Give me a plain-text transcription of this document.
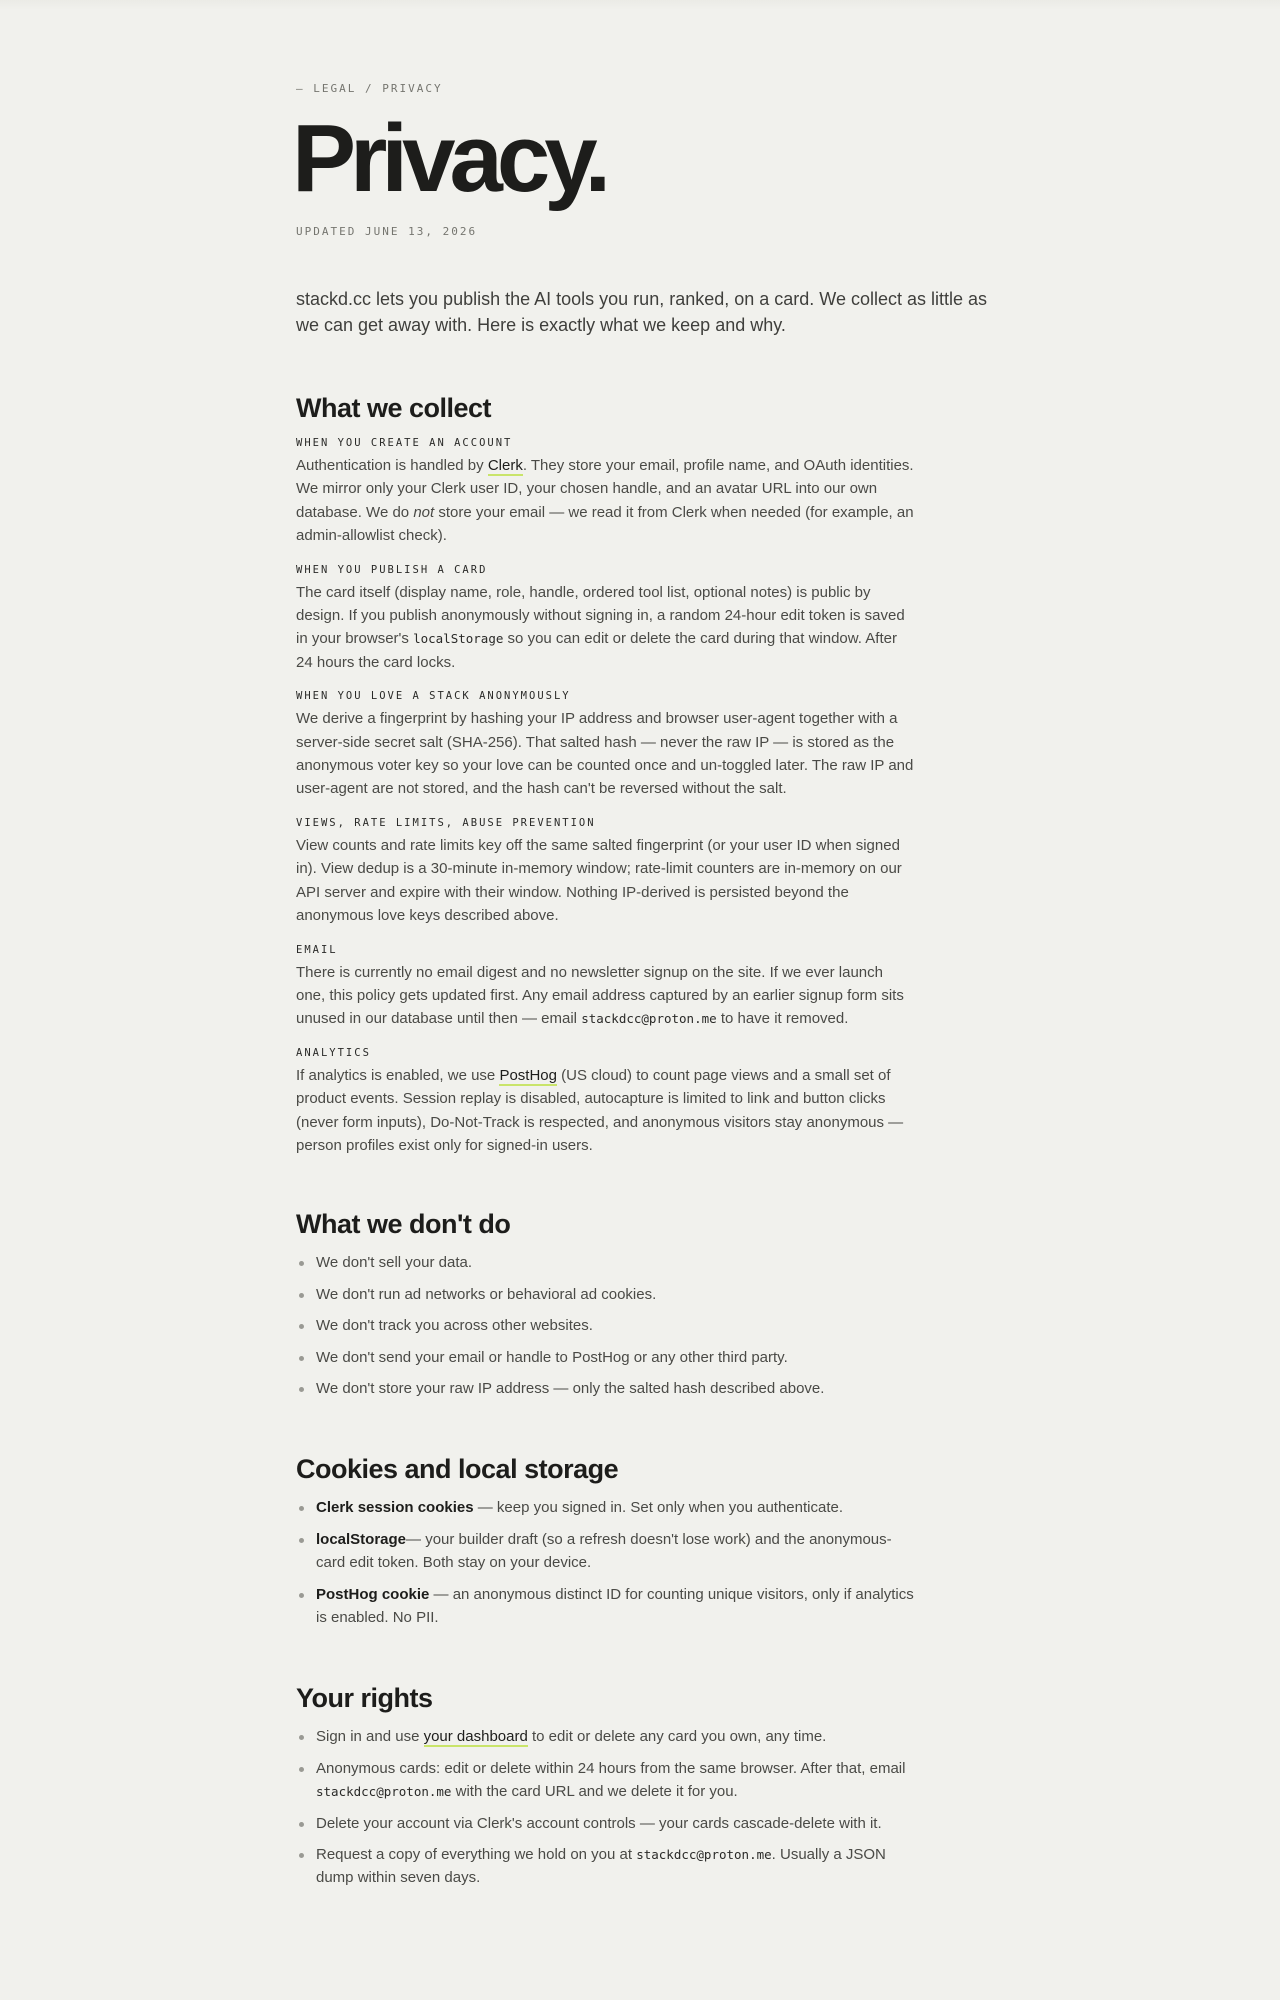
— LEGAL / PRIVACY
Privacy.
UPDATED JUNE 13, 2026

stackd.cc lets you publish the AI tools you run, ranked, on a card. We collect as little as we can get away with. Here is exactly what we keep and why.

What we collect
WHEN YOU CREATE AN ACCOUNT

Authentication is handled by Clerk. They store your email, profile name, and OAuth identities. We mirror only your Clerk user ID, your chosen handle, and an avatar URL into our own database. We do not store your email — we read it from Clerk when needed (for example, an admin-allowlist check).

WHEN YOU PUBLISH A CARD

The card itself (display name, role, handle, ordered tool list, optional notes) is public by design. If you publish anonymously without signing in, a random 24-hour edit token is saved in your browser's localStorage so you can edit or delete the card during that window. After 24 hours the card locks.

WHEN YOU LOVE A STACK ANONYMOUSLY

We derive a fingerprint by hashing your IP address and browser user-agent together with a server-side secret salt (SHA-256). That salted hash — never the raw IP — is stored as the anonymous voter key so your love can be counted once and un-toggled later. The raw IP and user-agent are not stored, and the hash can't be reversed without the salt.

VIEWS, RATE LIMITS, ABUSE PREVENTION

View counts and rate limits key off the same salted fingerprint (or your user ID when signed in). View dedup is a 30-minute in-memory window; rate-limit counters are in-memory on our API server and expire with their window. Nothing IP-derived is persisted beyond the anonymous love keys described above.

EMAIL

There is currently no email digest and no newsletter signup on the site. If we ever launch one, this policy gets updated first. Any email address captured by an earlier signup form sits unused in our database until then — email stackdcc@proton.me to have it removed.

ANALYTICS

If analytics is enabled, we use PostHog (US cloud) to count page views and a small set of product events. Session replay is disabled, autocapture is limited to link and button clicks (never form inputs), Do-Not-Track is respected, and anonymous visitors stay anonymous — person profiles exist only for signed-in users.

What we don't do
We don't sell your data.
We don't run ad networks or behavioral ad cookies.
We don't track you across other websites.
We don't send your email or handle to PostHog or any other third party.
We don't store your raw IP address — only the salted hash described above.
Cookies and local storage
Clerk session cookies — keep you signed in. Set only when you authenticate.
localStorage— your builder draft (so a refresh doesn't lose work) and the anonymous-card edit token. Both stay on your device.
PostHog cookie — an anonymous distinct ID for counting unique visitors, only if analytics is enabled. No PII.
Your rights
Sign in and use your dashboard to edit or delete any card you own, any time.
Anonymous cards: edit or delete within 24 hours from the same browser. After that, email stackdcc@proton.me with the card URL and we delete it for you.
Delete your account via Clerk's account controls — your cards cascade-delete with it.
Request a copy of everything we hold on you at stackdcc@proton.me. Usually a JSON dump within seven days.
